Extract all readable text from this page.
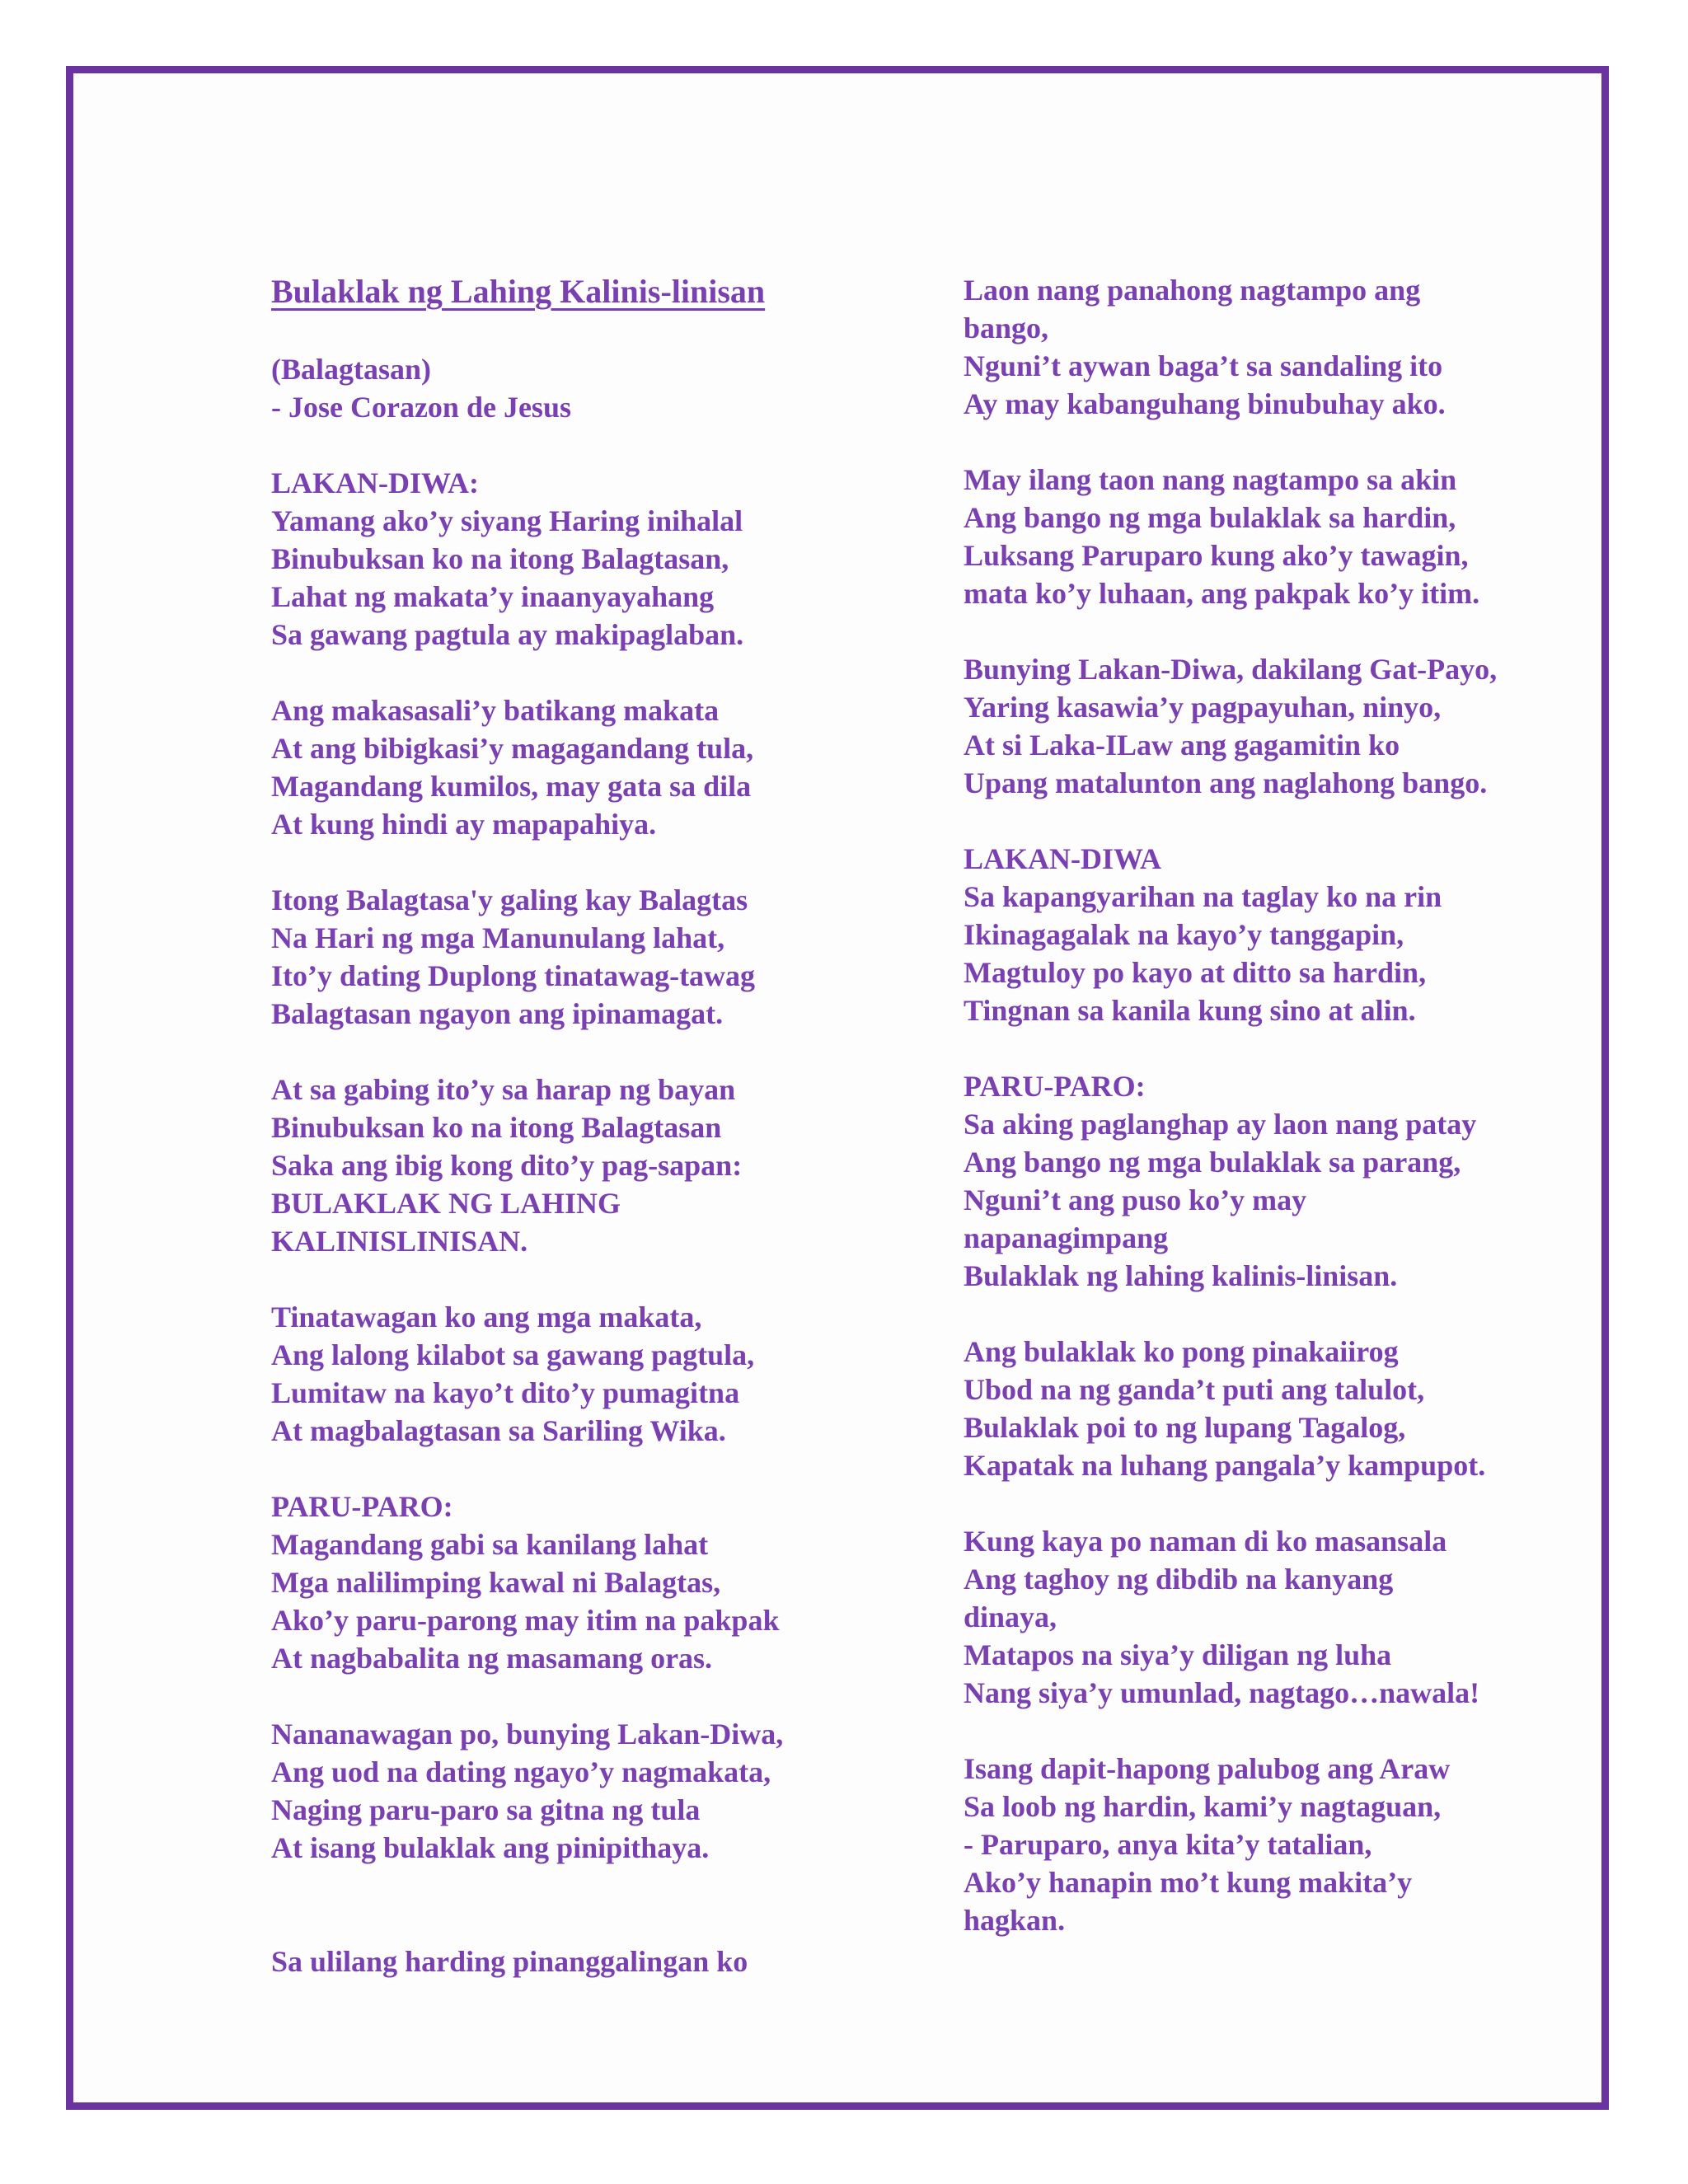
Bulaklak ng Lahing Kalinis-linisan
(Balagtasan)
- Jose Corazon de Jesus
LAKAN-DIWA:
Yamang ako’y siyang Haring inihalal
Binubuksan ko na itong Balagtasan,
Lahat ng makata’y inaanyayahang
Sa gawang pagtula ay makipaglaban.
Ang makasasali’y batikang makata
At ang bibigkasi’y magagandang tula,
Magandang kumilos, may gata sa dila
At kung hindi ay mapapahiya.
Itong Balagtasa'y galing kay Balagtas
Na Hari ng mga Manunulang lahat,
Ito’y dating Duplong tinatawag-tawag
Balagtasan ngayon ang ipinamagat.
At sa gabing ito’y sa harap ng bayan
Binubuksan ko na itong Balagtasan
Saka ang ibig kong dito’y pag-sapan:
BULAKLAK NG LAHING
KALINISLINISAN.
Tinatawagan ko ang mga makata,
Ang lalong kilabot sa gawang pagtula,
Lumitaw na kayo’t dito’y pumagitna
At magbalagtasan sa Sariling Wika.
PARU-PARO:
Magandang gabi sa kanilang lahat
Mga nalilimping kawal ni Balagtas,
Ako’y paru-parong may itim na pakpak
At nagbabalita ng masamang oras.
Nananawagan po, bunying Lakan-Diwa,
Ang uod na dating ngayo’y nagmakata,
Naging paru-paro sa gitna ng tula
At isang bulaklak ang pinipithaya.
Sa ulilang harding pinanggalingan ko
Laon nang panahong nagtampo ang
bango,
Nguni’t aywan baga’t sa sandaling ito
Ay may kabanguhang binubuhay ako.
May ilang taon nang nagtampo sa akin
Ang bango ng mga bulaklak sa hardin,
Luksang Paruparo kung ako’y tawagin,
mata ko’y luhaan, ang pakpak ko’y itim.
Bunying Lakan-Diwa, dakilang Gat-Payo,
Yaring kasawia’y pagpayuhan, ninyo,
At si Laka-ILaw ang gagamitin ko
Upang matalunton ang naglahong bango.
LAKAN-DIWA
Sa kapangyarihan na taglay ko na rin
Ikinagagalak na kayo’y tanggapin,
Magtuloy po kayo at ditto sa hardin,
Tingnan sa kanila kung sino at alin.
PARU-PARO:
Sa aking paglanghap ay laon nang patay
Ang bango ng mga bulaklak sa parang,
Nguni’t ang puso ko’y may
napanagimpang
Bulaklak ng lahing kalinis-linisan.
Ang bulaklak ko pong pinakaiirog
Ubod na ng ganda’t puti ang talulot,
Bulaklak poi to ng lupang Tagalog,
Kapatak na luhang pangala’y kampupot.
Kung kaya po naman di ko masansala
Ang taghoy ng dibdib na kanyang
dinaya,
Matapos na siya’y diligan ng luha
Nang siya’y umunlad, nagtago…nawala!
Isang dapit-hapong palubog ang Araw
Sa loob ng hardin, kami’y nagtaguan,
- Paruparo, anya kita’y tatalian,
Ako’y hanapin mo’t kung makita’y
hagkan.
